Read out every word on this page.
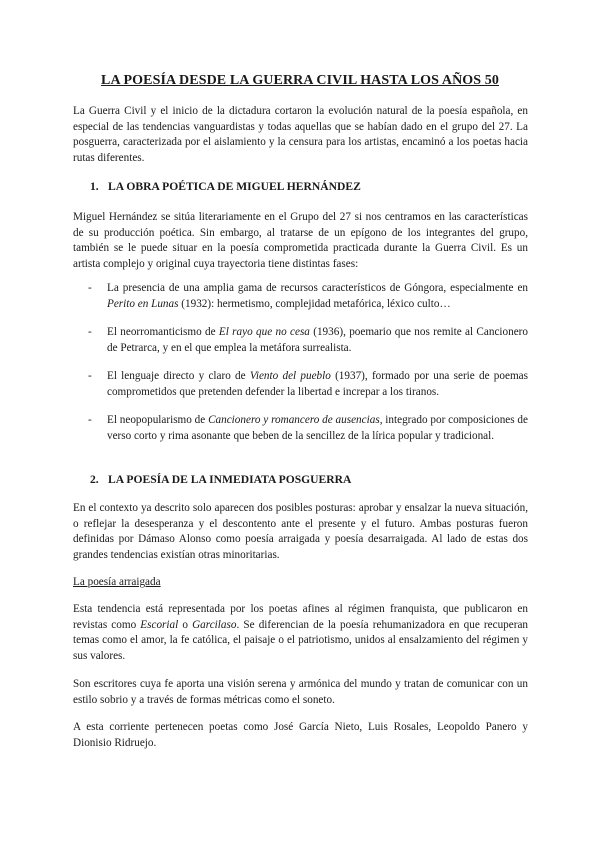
LA POESÍA DESDE LA GUERRA CIVIL HASTA LOS AÑOS 50

La Guerra Civil y el inicio de la dictadura cortaron la evolución natural de la poesía española, en especial de las tendencias vanguardistas y todas aquellas que se habían dado en el grupo del 27. La posguerra, caracterizada por el aislamiento y la censura para los artistas, encaminó a los poetas hacia rutas diferentes.

1. LA OBRA POÉTICA DE MIGUEL HERNÁNDEZ

Miguel Hernández se sitúa literariamente en el Grupo del 27 si nos centramos en las características de su producción poética. Sin embargo, al tratarse de un epígono de los integrantes del grupo, también se le puede situar en la poesía comprometida practicada durante la Guerra Civil. Es un artista complejo y original cuya trayectoria tiene distintas fases:

- La presencia de una amplia gama de recursos característicos de Góngora, especialmente en Perito en Lunas (1932): hermetismo, complejidad metafórica, léxico culto…
- El neorromanticismo de El rayo que no cesa (1936), poemario que nos remite al Cancionero de Petrarca, y en el que emplea la metáfora surrealista.
- El lenguaje directo y claro de Viento del pueblo (1937), formado por una serie de poemas comprometidos que pretenden defender la libertad e increpar a los tiranos.
- El neopopularismo de Cancionero y romancero de ausencias, integrado por composiciones de verso corto y rima asonante que beben de la sencillez de la lírica popular y tradicional.
2. LA POESÍA DE LA INMEDIATA POSGUERRA

En el contexto ya descrito solo aparecen dos posibles posturas: aprobar y ensalzar la nueva situación, o reflejar la desesperanza y el descontento ante el presente y el futuro. Ambas posturas fueron definidas por Dámaso Alonso como poesía arraigada y poesía desarraigada. Al lado de estas dos grandes tendencias existían otras minoritarias.

La poesía arraigada

Esta tendencia está representada por los poetas afines al régimen franquista, que publicaron en revistas como Escorial o Garcilaso. Se diferencian de la poesía rehumanizadora en que recuperan temas como el amor, la fe católica, el paisaje o el patriotismo, unidos al ensalzamiento del régimen y sus valores.

Son escritores cuya fe aporta una visión serena y armónica del mundo y tratan de comunicar con un estilo sobrio y a través de formas métricas como el soneto.

A esta corriente pertenecen poetas como José García Nieto, Luis Rosales, Leopoldo Panero y Dionisio Ridruejo.
